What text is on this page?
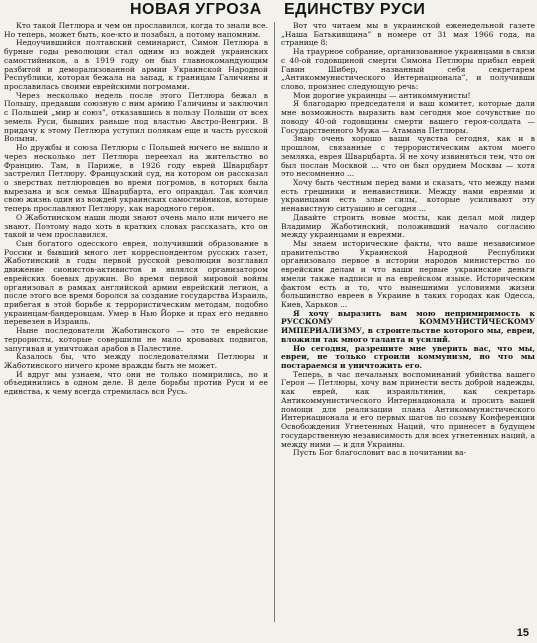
НОВАЯ УГРОЗА ЕДИНСТВУ РУСИ

Кто такой Петлюра и чем он прославился, когда то знали все. Но теперь, может быть, кое-кто и позабыл, а потому напомним.

Недоучившийся полтавский семинарист, Симон Петлюра в бурные годы революции стал одним из вождей украинских самостийников, а в 1919 году он был главнокомандующим разбитой и деморализованной армии Украинской Народной Республики, которая бежала на запад, к границам Галичины и прославилась своими еврейскими погромами.

Через несколько недель после этого Петлюра бежал в Польшу, предавши союзную с ним армию Галичины и заключил с Польшей „мир и союз”, отказавшись в пользу Польши от всех земель Руси, бывших раньше под властью Австро-Венгрии. В придачу к этому Петлюра уступил полякам еще и часть русской Волыни.

Но дружбы и союза Петлюры с Польшей ничего не вышло и через несколько лет Петлюра переехал на жительство во Францию. Там, в Париже, в 1926 году еврей Шварцбарт застрелил Петлюру. Французский суд, на котором он рассказал о зверствах петлюровцев во время погромов, в которых была вырезана и вся семья Шварцбарта, его оправдал. Так кончил свою жизнь один из вождей украинских самостийников, которые теперь прославляют Петлюру, как народного героя.

О Жаботинском наши люди знают очень мало или ничего не знают. Поэтому надо хоть в кратких словах рассказать, кто он такой и чем прославился.

Сын богатого одесского еврея, получивший образование в России и бывший много лет корреспондентом русских газет, Жаботинский в годы первой русской революции возглавил движение сионистов-активистов и являлся организатором еврейских боевых дружин. Во время первой мировой войны организовал в рамках английской армии еврейский легион, а после этого все время боролся за создание государства Израиль, прибегая в этой борьбе к террористическим методам, подобно украинцам-бандеровцам. Умер в Нью Йорке и прах его недавно перевезен в Израиль.

Ныне последователи Жаботинского — это те еврейские террористы, которые совершили не мало кровавых подвигов, запугивая и уничтожая арабов в Палестине.

Казалось бы, что между последователями Петлюры и Жаботинского ничего кроме вражды быть не может.

И вдруг мы узнаем, что они не только помирились, но и объединились в одном деле. В деле борьбы против Руси и ее единства, к чему всегда стремилась вся Русь.

Вот что читаем мы в украинской еженедельной газете „Наша Батькивщина” в номере от 31 мая 1966 года, на странице 8:

На траурное собрание, организованное украинцами в связи с 40-ой годовщиной смерти Симона Петлюры прибыл еврей Гавин Шибер, названный себя секретарем „Антикоммунистического Интернационала”, и получивши слово, произнес следующую речь:

Мои дорогие украинцы — антикоммунисты!

Я благодарю председателя и ваш комитет, которые дали мне возможность выразить вам сегодня мое сочувствие по поводу 40-ой годовщины смерти вашего героя-солдата — Государственного Мужа — Атамана Петлюры.

Знаю очень хорошо ваши чувства сегодня, как и в прошлом, связанные с террористическим актом моего земляка, еврея Шварцбарта. Я не хочу извиняться тем, что он был послан Москвой ... что он был орудием Москвы — хотя это несомненно ...

Хочу быть честным перед вами и сказать, что между нами есть грешники и ненавистники. Между нами евреями и украинцами есть злые силы, которые усиливают эту ненавистную ситуацию и сегодня ...

Давайте строить новые мосты, как делал мой лидер Владимир Жаботинский, положивший начало согласию между украинцами и евреями.

Мы знаем исторические факты, что ваше независимое правительство Украинской Народной Республики организовало первое в истории народов министерство по еврейским делам и что ваши первые украинские деньги имели также надписи и на еврейском языке. Историческим фактом есть и то, что нынешними условиями жизни большинство евреев в Украине в таких городах как Одесса, Киев, Харьков ...

Я хочу выразить вам мою непримиримость к РУССКОМУ КОММУНИСТИЧЕСКОМУ ИМПЕРИАЛИЗМУ, в строительстве которого мы, евреи, вложили так много таланта и усилий.

Но сегодня, разрешите мне уверить вас, что мы, евреи, не только строили коммунизм, но что мы постараемся и уничтожить его.

Теперь, в час печальных воспоминаний убийства вашего Героя — Петлюры, хочу вам принести весть доброй надежды, как еврей, как израильтянин, как секретарь Антикоммунистического Интернационала и просить вашей помощи для реализации плана Антикоммунистического Интернационала и его первых шагов по созыву Конференции Освобождения Угнетенных Наций, что принесет в будущем государственную независимость для всех угнетенных наций, а между ними — и для Украины.

Пусть Бог благословит вас в почитании ва-

15
